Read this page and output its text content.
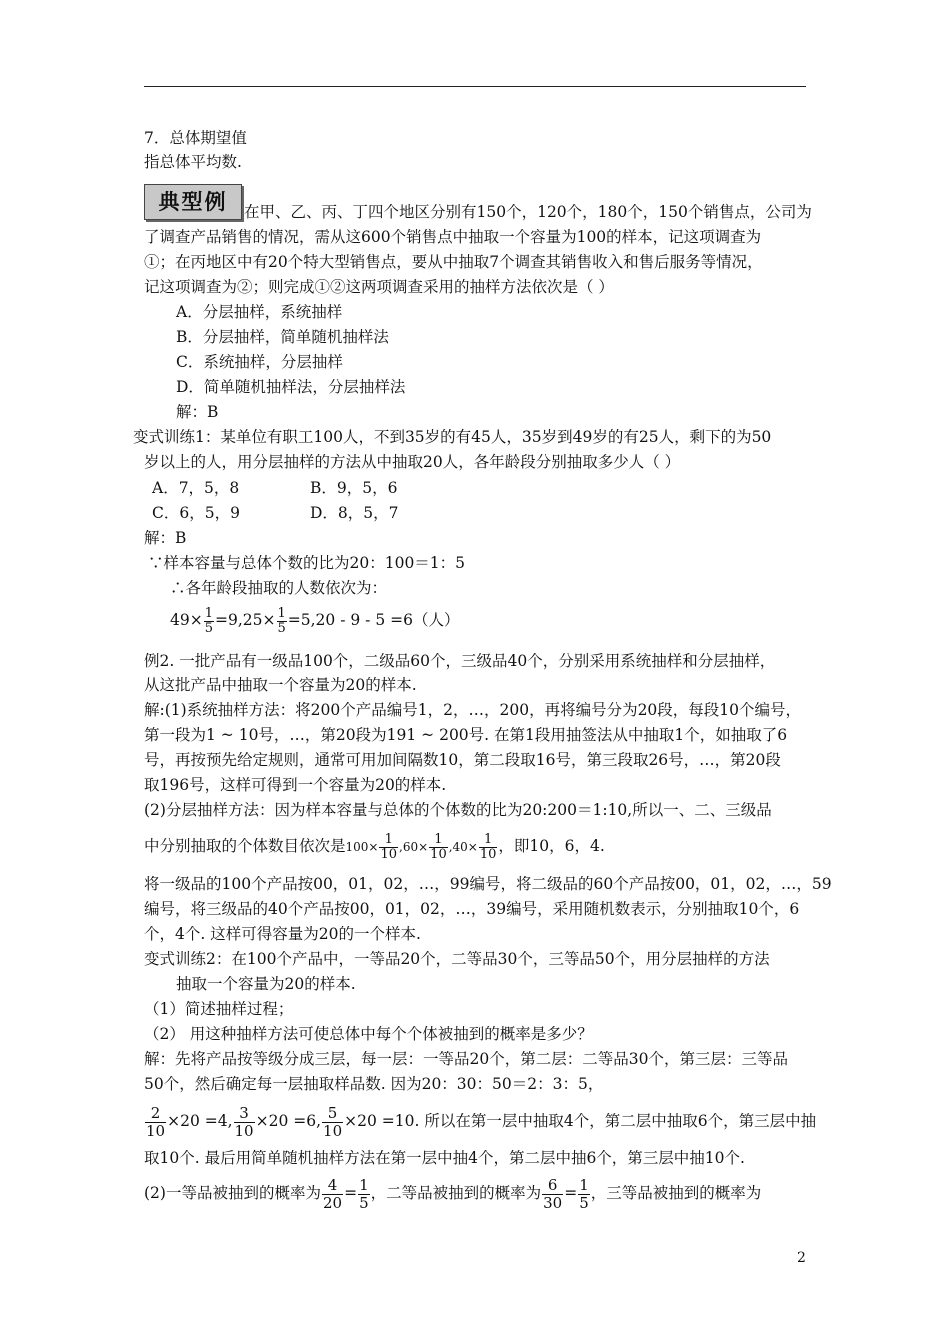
7．总体期望值
指总体平均数.
典型例	在甲、乙、丙、丁四个地区分别有150个，120个，180个，150个销售点，公司为
了调查产品销售的情况，需从这600个销售点中抽取一个容量为100的样本，记这项调查为
①；在丙地区中有20个特大型销售点，要从中抽取7个调查其销售收入和售后服务等情况，
记这项调查为②；则完成①②这两项调查采用的抽样方法依次是（ ）
A．分层抽样，系统抽样
B．分层抽样，简单随机抽样法
C．系统抽样，分层抽样
D．简单随机抽样法，分层抽样法
解：B
变式训练1：某单位有职工100人，不到35岁的有45人，35岁到49岁的有25人，剩下的为50
岁以上的人，用分层抽样的方法从中抽取20人，各年龄段分别抽取多少人（ ）
A．7，5，8	B．9，5，6
C．6，5，9	D．8，5，7
解：B
∵样本容量与总体个数的比为20：100＝1：5
∴各年龄段抽取的人数依次为：
$49\times \frac{1}{5} =9,25\times \frac{1}{5} =5,20 - 9 - 5 =6$（人）
例2. 一批产品有一级品100个，二级品60个，三级品40个，分别采用系统抽样和分层抽样，
从这批产品中抽取一个容量为20的样本.
解:(1)系统抽样方法：将200个产品编号1，2，…，200，再将编号分为20段，每段10个编号，
第一段为1 ~ 10号，…，第20段为191 ~ 200号. 在第1段用抽签法从中抽取1个，如抽取了6
号，再按预先给定规则，通常可用加间隔数10，第二段取16号，第三段取26号，…，第20段
取196号，这样可得到一个容量为20的样本.
(2)分层抽样方法：因为样本容量与总体的个体数的比为20:200＝1:10,所以一、二、三级品
中分别抽取的个体数目依次是$100\times \frac{1}{10} ,60\times \frac{1}{10} ,40\times \frac{1}{10}$ ，即10，6，4.
将一级品的100个产品按00，01，02，…，99编号，将二级品的60个产品按00，01，02，…，59
编号，将三级品的40个产品按00，01，02，…，39编号，采用随机数表示，分别抽取10个，6
个，4个. 这样可得容量为20的一个样本.
变式训练2：在100个产品中，一等品20个，二等品30个，三等品50个，用分层抽样的方法
抽取一个容量为20的样本.
（1）简述抽样过程；
（2） 用这种抽样方法可使总体中每个个体被抽到的概率是多少？
解：先将产品按等级分成三层，每一层：一等品20个，第二层：二等品30个，第三层：三等品
50个，然后确定每一层抽取样品数. 因为20：30：50＝2：3：5，
$\frac{2}{10} \times 20 =4$, $\frac{3}{10} \times 20 =6$, $\frac{5}{10} \times 20 =10$. 所以在第一层中抽取4个，第二层中抽取6个，第三层中抽
取10个. 最后用简单随机抽样方法在第一层中抽4个，第二层中抽6个，第三层中抽10个.
(2)一等品被抽到的概率为 $\frac{4}{20} = \frac{1}{5}$ ，二等品被抽到的概率为 $\frac{6}{30} = \frac{1}{5}$ ，三等品被抽到的概率为
2
